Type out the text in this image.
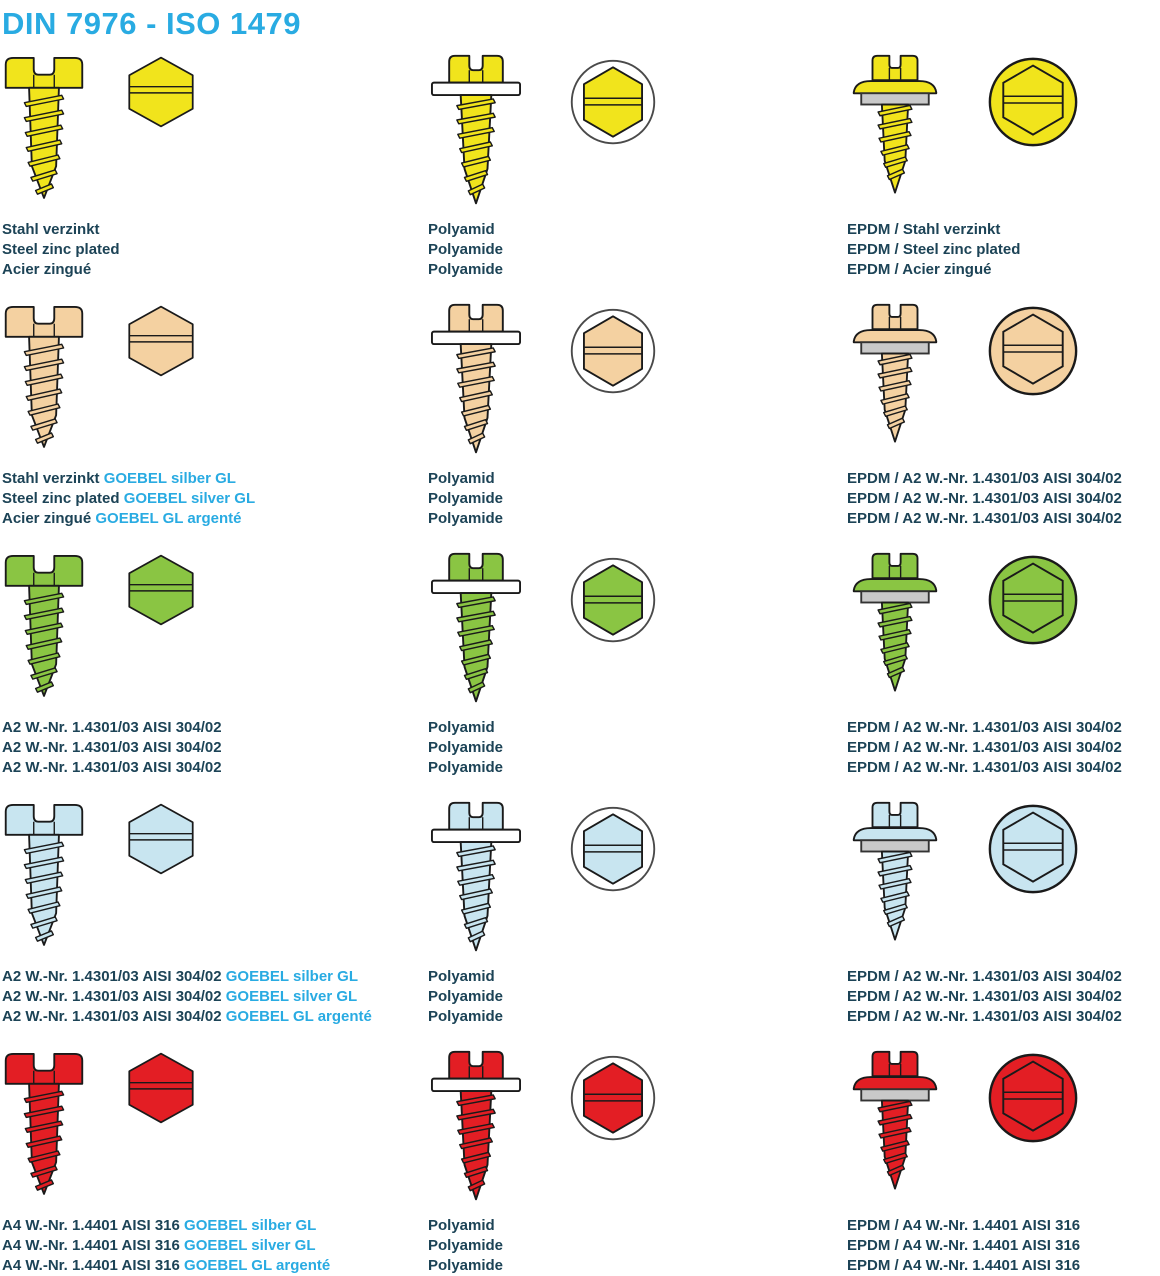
DIN 7976 - ISO 1479
Stahl verzinkt
Steel zinc plated
Acier zingué
Polyamid
Polyamide
Polyamide
EPDM / Stahl verzinkt
EPDM / Steel zinc plated
EPDM / Acier zingué
Stahl verzinkt GOEBEL silber GL
Steel zinc plated GOEBEL silver GL
Acier zingué GOEBEL GL argenté
Polyamid
Polyamide
Polyamide
EPDM / A2 W.-Nr. 1.4301/03 AISI 304/02
EPDM / A2 W.-Nr. 1.4301/03 AISI 304/02
EPDM / A2 W.-Nr. 1.4301/03 AISI 304/02
A2 W.-Nr. 1.4301/03 AISI 304/02
A2 W.-Nr. 1.4301/03 AISI 304/02
A2 W.-Nr. 1.4301/03 AISI 304/02
Polyamid
Polyamide
Polyamide
EPDM / A2 W.-Nr. 1.4301/03 AISI 304/02
EPDM / A2 W.-Nr. 1.4301/03 AISI 304/02
EPDM / A2 W.-Nr. 1.4301/03 AISI 304/02
A2 W.-Nr. 1.4301/03 AISI 304/02 GOEBEL silber GL
A2 W.-Nr. 1.4301/03 AISI 304/02 GOEBEL silver GL
A2 W.-Nr. 1.4301/03 AISI 304/02 GOEBEL GL argenté
Polyamid
Polyamide
Polyamide
EPDM / A2 W.-Nr. 1.4301/03 AISI 304/02
EPDM / A2 W.-Nr. 1.4301/03 AISI 304/02
EPDM / A2 W.-Nr. 1.4301/03 AISI 304/02
A4 W.-Nr. 1.4401 AISI 316 GOEBEL silber GL
A4 W.-Nr. 1.4401 AISI 316 GOEBEL silver GL
A4 W.-Nr. 1.4401 AISI 316 GOEBEL GL argenté
Polyamid
Polyamide
Polyamide
EPDM / A4 W.-Nr. 1.4401 AISI 316
EPDM / A4 W.-Nr. 1.4401 AISI 316
EPDM / A4 W.-Nr. 1.4401 AISI 316
